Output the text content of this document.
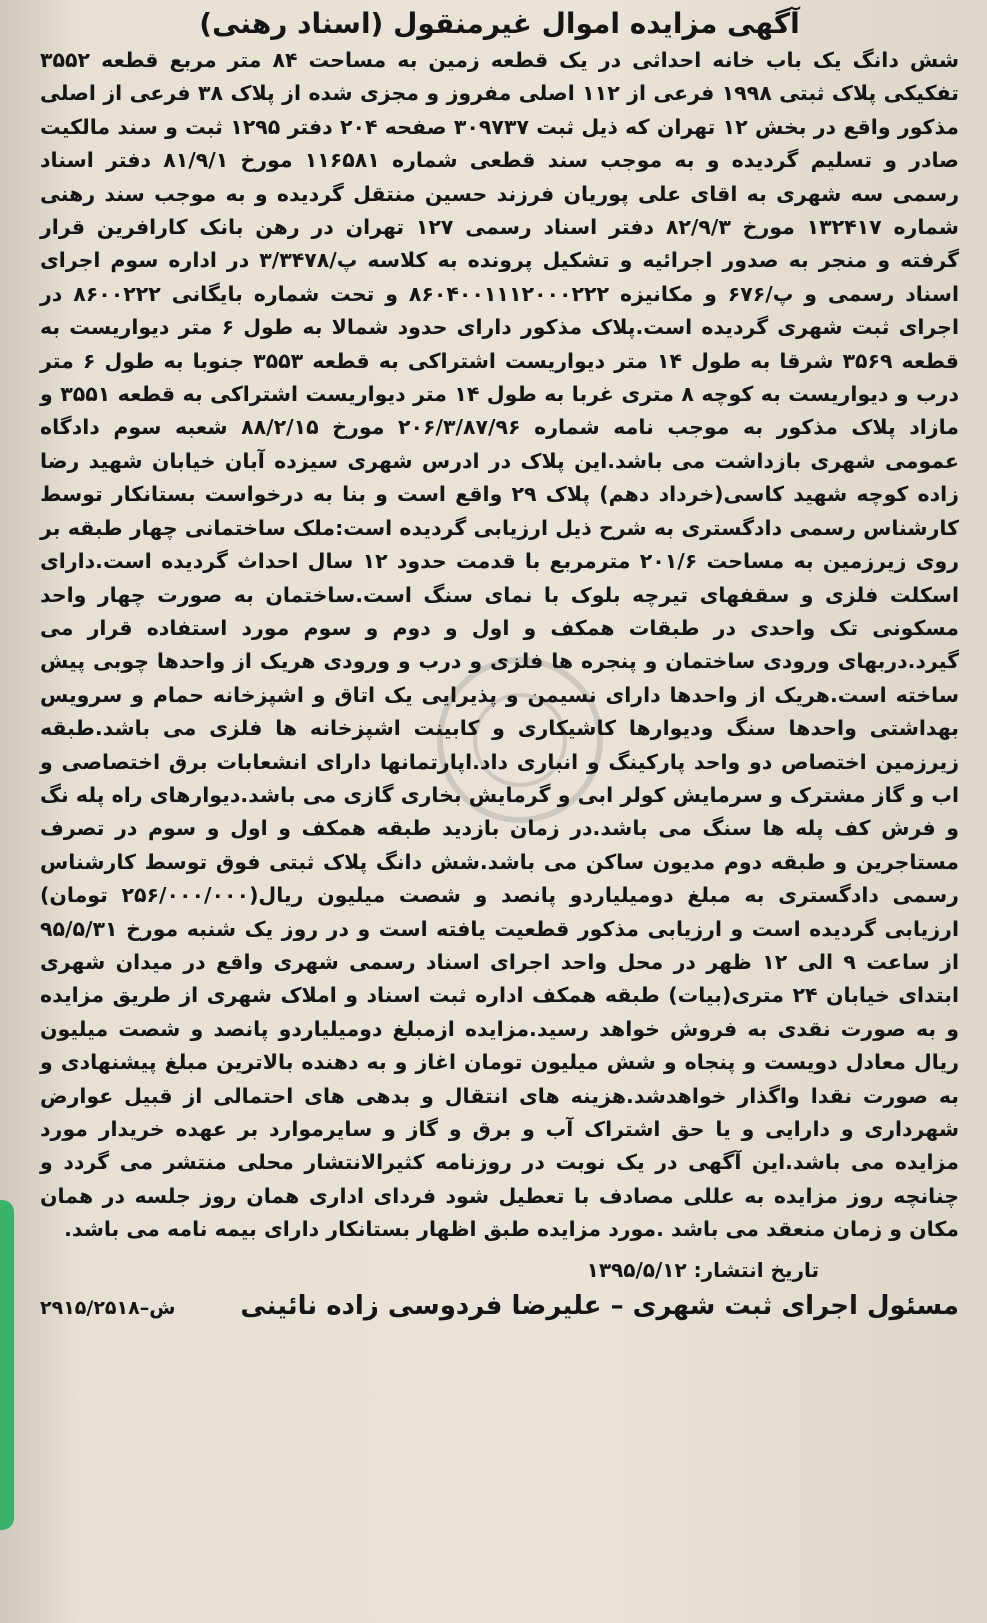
آگهی مزایده اموال غیرمنقول (اسناد رهنی)

شش دانگ یک باب خانه احداثی در یک قطعه زمین به مساحت ۸۴ متر مربع قطعه ۳۵۵۲ تفکیکی پلاک ثبتی ۱۹۹۸ فرعی از ۱۱۲ اصلی مفروز و مجزی شده از پلاک ۳۸ فرعی از اصلی مذکور واقع در بخش ۱۲ تهران که ذیل ثبت ۳۰۹۷۳۷ صفحه ۲۰۴ دفتر ۱۲۹۵ ثبت و سند مالکیت صادر و تسلیم گردیده و به موجب سند قطعی شماره ۱۱۶۵۸۱ مورخ ۸۱/۹/۱ دفتر اسناد رسمی سه شهری به اقای علی پوریان فرزند حسین منتقل گردیده و به موجب سند رهنی شماره ۱۳۲۴۱۷ مورخ ۸۲/۹/۳ دفتر اسناد رسمی ۱۲۷ تهران در رهن بانک کارافرین قرار گرفته و منجر به صدور اجرائیه و تشکیل پرونده به کلاسه پ/۳/۳۴۷۸ در اداره سوم اجرای اسناد رسمی و پ/۶۷۶ و مکانیزه ۸۶۰۴۰۰۱۱۱۲۰۰۰۲۲۲ و تحت شماره بایگانی ۸۶۰۰۲۲۲ در اجرای ثبت شهری گردیده است.پلاک مذکور دارای حدود شمالا به طول ۶ متر دیواریست به قطعه ۳۵۶۹ شرقا به طول ۱۴ متر دیواریست اشتراکی به قطعه ۳۵۵۳ جنوبا به طول ۶ متر درب و دیواریست به کوچه ۸ متری غربا به طول ۱۴ متر دیواریست اشتراکی به قطعه ۳۵۵۱ و مازاد پلاک مذکور به موجب نامه شماره ۲۰۶/۳/۸۷/۹۶ مورخ ۸۸/۲/۱۵ شعبه سوم دادگاه عمومی شهری بازداشت می باشد.این پلاک در ادرس شهری سیزده آبان خیابان شهید رضا زاده کوچه شهید کاسی(خرداد دهم) پلاک ۲۹ واقع است و بنا به درخواست بستانکار توسط کارشناس رسمی دادگستری به شرح ذیل ارزیابی گردیده است:ملک ساختمانی چهار طبقه بر روی زیرزمین به مساحت ۲۰۱/۶ مترمربع با قدمت حدود ۱۲ سال احداث گردیده است.دارای اسکلت فلزی و سقفهای تیرچه بلوک با نمای سنگ است.ساختمان به صورت چهار واحد مسکونی تک واحدی در طبقات همکف و اول و دوم و سوم مورد استفاده قرار می گیرد.دربهای ورودی ساختمان و پنجره ها فلزی و درب و ورودی هریک از واحدها چوبی پیش ساخته است.هریک از واحدها دارای نسیمن و پذیرایی یک اتاق و اشپزخانه حمام و سرویس بهداشتی واحدها سنگ ودیوارها کاشیکاری و کابینت اشپزخانه ها فلزی می باشد.طبقه زیرزمین اختصاص دو واحد پارکینگ و انباری داد.اپارتمانها دارای انشعابات برق اختصاصی و اب و گاز مشترک و سرمایش کولر ابی و گرمایش بخاری گازی می باشد.دیوارهای راه پله نگ و فرش کف پله ها سنگ می باشد.در زمان بازدید طبقه همکف و اول و سوم در تصرف مستاجرین و طبقه دوم مدیون ساکن می باشد.شش دانگ پلاک ثبتی فوق توسط کارشناس رسمی دادگستری به مبلغ دومیلیاردو پانصد و شصت میلیون ریال(۲۵۶/۰۰۰/۰۰۰ تومان) ارزیابی گردیده است و ارزیابی مذکور قطعیت یافته است و در روز یک شنبه مورخ ۹۵/۵/۳۱ از ساعت ۹ الی ۱۲ ظهر در محل واحد اجرای اسناد رسمی شهری واقع در میدان شهری ابتدای خیابان ۲۴ متری(بیات) طبقه همکف اداره ثبت اسناد و املاک شهری از طریق مزایده و به صورت نقدی به فروش خواهد رسید.مزایده ازمبلغ دومیلیاردو پانصد و شصت میلیون ریال معادل دویست و پنجاه و شش میلیون تومان اغاز و به دهنده بالاترین مبلغ پیشنهادی و به صورت نقدا واگذار خواهدشد.هزینه های انتقال و بدهی های احتمالی از قبیل عوارض شهرداری و دارایی و یا حق اشتراک آب و برق و گاز و سایرموارد بر عهده خریدار مورد مزایده می باشد.این آگهی در یک نوبت در روزنامه کثیرالانتشار محلی منتشر می گردد و چنانچه روز مزایده به عللی مصادف با تعطیل شود فردای اداری همان روز جلسه در همان مکان و زمان منعقد می باشد .مورد مزایده طبق اظهار بستانکار دارای بیمه نامه می باشد.

تاریخ انتشار: ۱۳۹۵/۵/۱۲
مسئول اجرای ثبت شهری – علیرضا فردوسی زاده نائینی
۲۹۱۵/۲۵۱۸–ش
